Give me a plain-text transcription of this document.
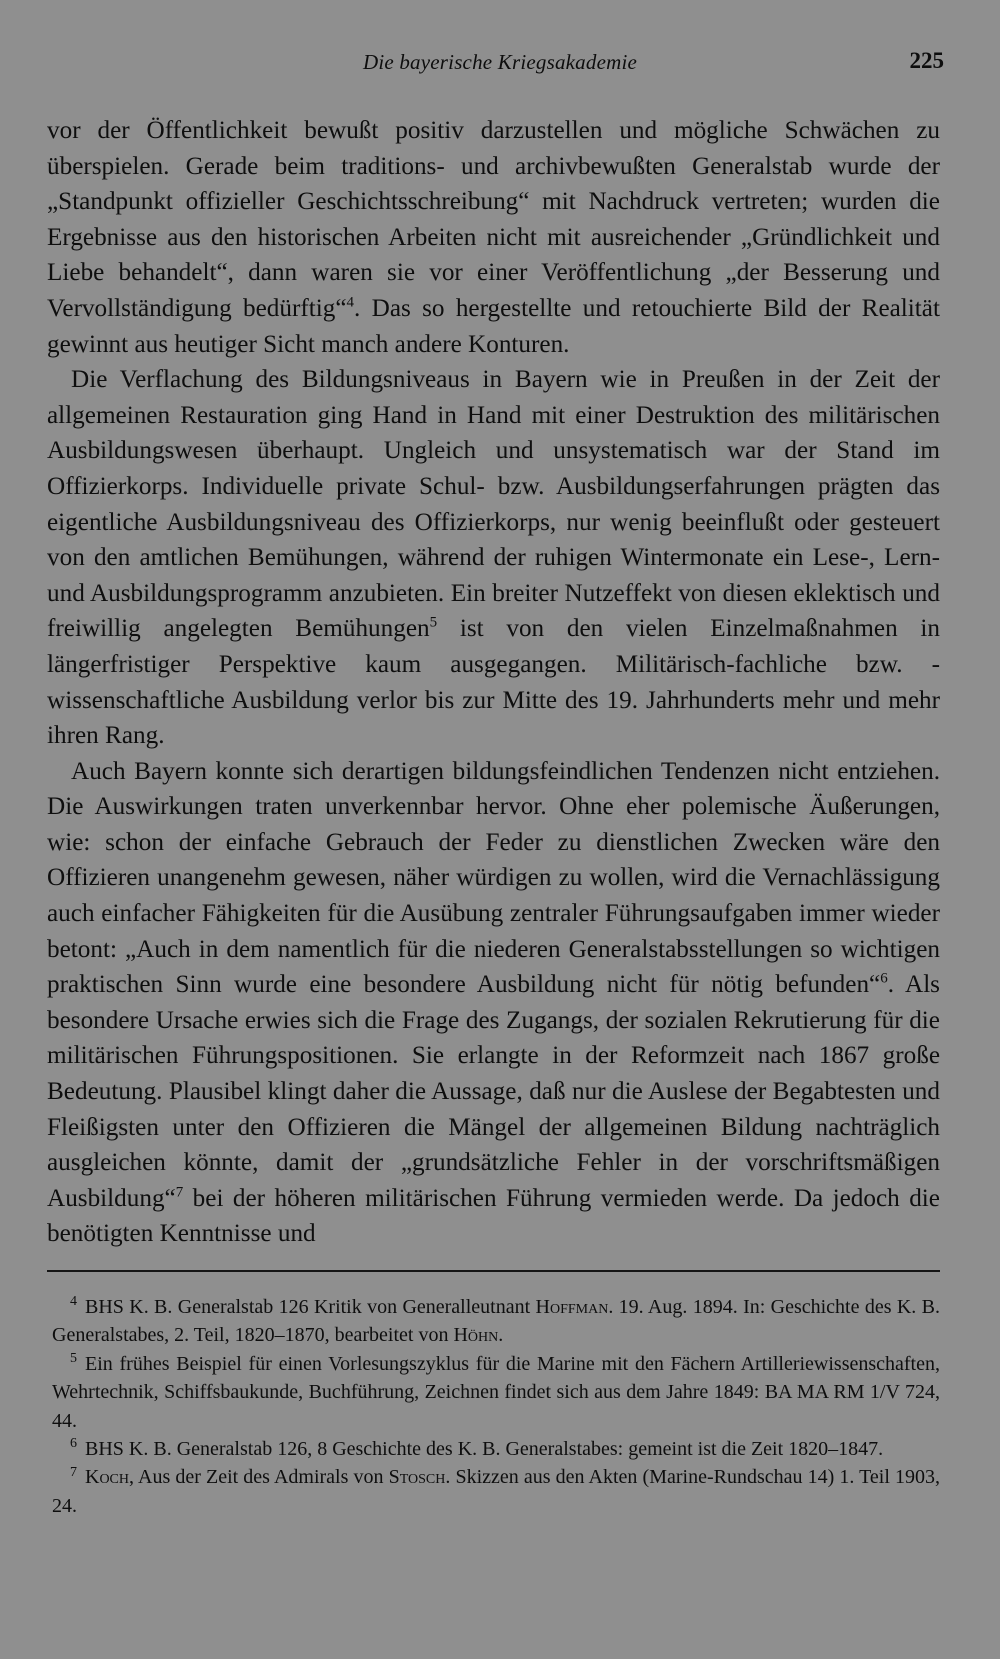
Die bayerische Kriegsakademie	225

vor der Öffentlichkeit bewußt positiv darzustellen und mögliche Schwächen zu überspielen. Gerade beim traditions- und archivbewußten Generalstab wurde der „Standpunkt offizieller Geschichtsschreibung“ mit Nachdruck vertreten; wurden die Ergebnisse aus den historischen Arbeiten nicht mit ausreichender „Gründlichkeit und Liebe behandelt“, dann waren sie vor einer Veröffentlichung „der Besserung und Vervollständigung bedürftig“$^4$. Das so hergestellte und retouchierte Bild der Realität gewinnt aus heutiger Sicht manch andere Konturen.

Die Verflachung des Bildungsniveaus in Bayern wie in Preußen in der Zeit der allgemeinen Restauration ging Hand in Hand mit einer Destruktion des militärischen Ausbildungswesen überhaupt. Ungleich und unsystematisch war der Stand im Offizierkorps. Individuelle private Schul- bzw. Ausbildungserfahrungen prägten das eigentliche Ausbildungsniveau des Offizierkorps, nur wenig beeinflußt oder gesteuert von den amtlichen Bemühungen, während der ruhigen Wintermonate ein Lese-, Lern- und Ausbildungsprogramm anzubieten. Ein breiter Nutzeffekt von diesen eklektisch und freiwillig angelegten Bemühungen$^5$ ist von den vielen Einzelmaßnahmen in längerfristiger Perspektive kaum ausgegangen. Militärisch-fachliche bzw. -wissenschaftliche Ausbildung verlor bis zur Mitte des 19. Jahrhunderts mehr und mehr ihren Rang.

Auch Bayern konnte sich derartigen bildungsfeindlichen Tendenzen nicht entziehen. Die Auswirkungen traten unverkennbar hervor. Ohne eher polemische Äußerungen, wie: schon der einfache Gebrauch der Feder zu dienstlichen Zwecken wäre den Offizieren unangenehm gewesen, näher würdigen zu wollen, wird die Vernachlässigung auch einfacher Fähigkeiten für die Ausübung zentraler Führungsaufgaben immer wieder betont: „Auch in dem namentlich für die niederen Generalstabsstellungen so wichtigen praktischen Sinn wurde eine besondere Ausbildung nicht für nötig befunden“$^6$. Als besondere Ursache erwies sich die Frage des Zugangs, der sozialen Rekrutierung für die militärischen Führungspositionen. Sie erlangte in der Reformzeit nach 1867 große Bedeutung. Plausibel klingt daher die Aussage, daß nur die Auslese der Begabtesten und Fleißigsten unter den Offizieren die Mängel der allgemeinen Bildung nachträglich ausgleichen könnte, damit der „grundsätzliche Fehler in der vorschriftsmäßigen Ausbildung“$^7$ bei der höheren militärischen Führung vermieden werde. Da jedoch die benötigten Kenntnisse und

$^4$ BHS K. B. Generalstab 126 Kritik von Generalleutnant Hoffman. 19. Aug. 1894. In: Geschichte des K. B. Generalstabes, 2. Teil, 1820–1870, bearbeitet von Höhn.

$^5$ Ein frühes Beispiel für einen Vorlesungszyklus für die Marine mit den Fächern Artilleriewissenschaften, Wehrtechnik, Schiffsbaukunde, Buchführung, Zeichnen findet sich aus dem Jahre 1849: BA MA RM 1/V 724, 44.

$^6$ BHS K. B. Generalstab 126, 8 Geschichte des K. B. Generalstabes: gemeint ist die Zeit 1820–1847.

$^7$ Koch, Aus der Zeit des Admirals von Stosch. Skizzen aus den Akten (Marine-Rundschau 14) 1. Teil 1903, 24.
